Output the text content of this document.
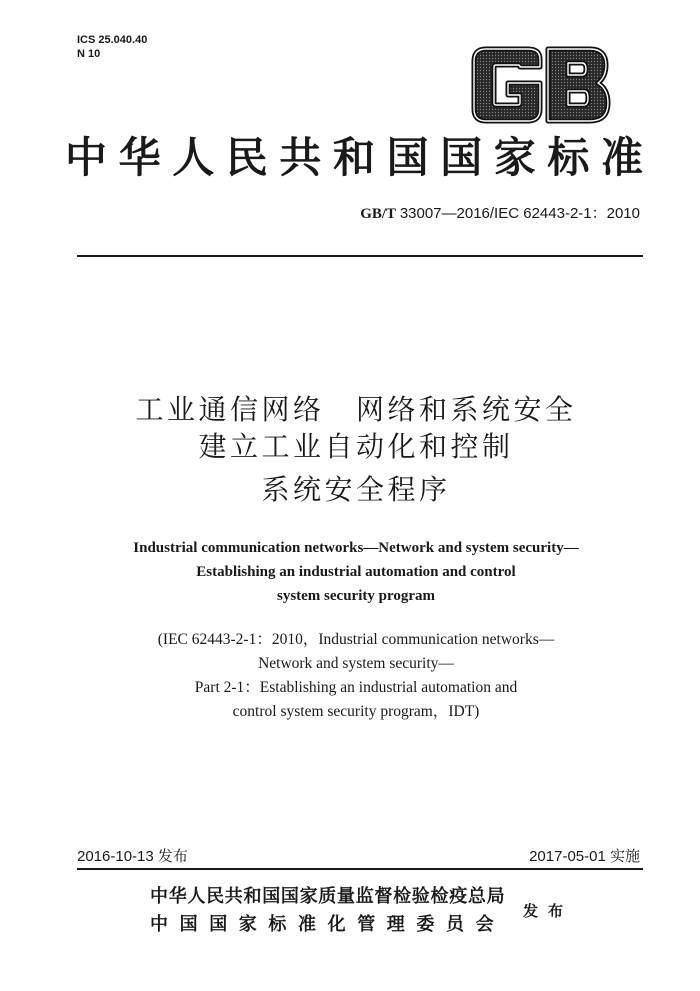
ICS 25.040.40
N 10
中华人民共和国国家标准
GB/T 33007—2016/IEC 62443-2-1：2010
工业通信网络　网络和系统安全
建立工业自动化和控制
系统安全程序
Industrial communication networks—Network and system security—
Establishing an industrial automation and control
system security program
(IEC 62443-2-1：2010，Industrial communication networks—
Network and system security—
Part 2-1：Establishing an industrial automation and
control system security program，IDT)
2016-10-13 发布	2017-05-01 实施
中华人民共和国国家质量监督检验检疫总局
中国国家标准化管理委员会
发布
